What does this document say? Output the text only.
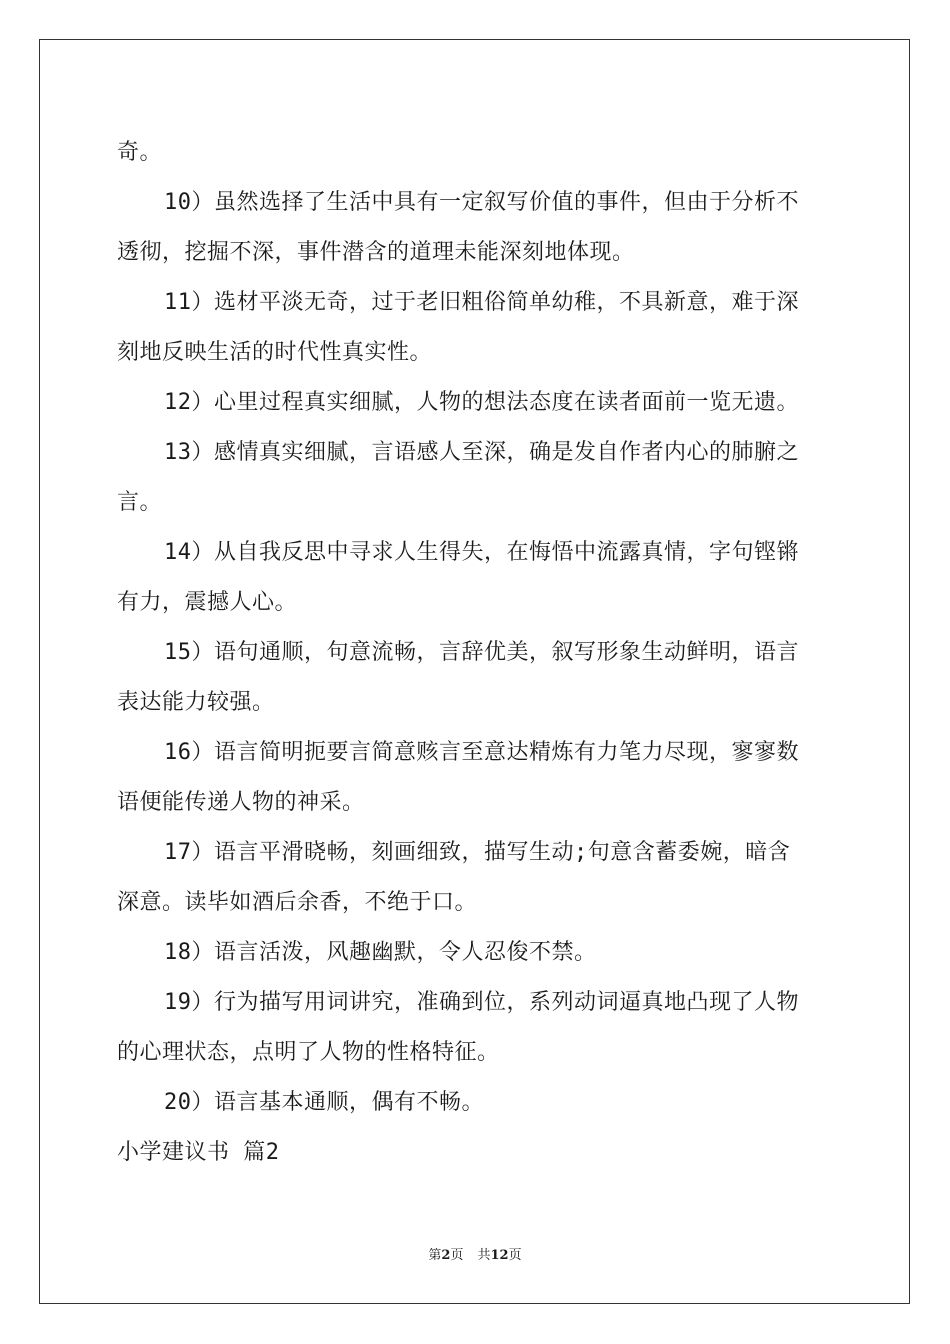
奇。
10）虽然选择了生活中具有一定叙写价值的事件，但由于分析不
透彻，挖掘不深，事件潜含的道理未能深刻地体现。
11）选材平淡无奇，过于老旧粗俗简单幼稚，不具新意，难于深
刻地反映生活的时代性真实性。
12）心里过程真实细腻，人物的想法态度在读者面前一览无遗。
13）感情真实细腻，言语感人至深，确是发自作者内心的肺腑之
言。
14）从自我反思中寻求人生得失，在悔悟中流露真情，字句铿锵
有力，震撼人心。
15）语句通顺，句意流畅，言辞优美，叙写形象生动鲜明，语言
表达能力较强。
16）语言简明扼要言简意赅言至意达精炼有力笔力尽现，寥寥数
语便能传递人物的神采。
17）语言平滑晓畅，刻画细致，描写生动;句意含蓄委婉，暗含
深意。读毕如酒后余香，不绝于口。
18）语言活泼，风趣幽默，令人忍俊不禁。
19）行为描写用词讲究，准确到位，系列动词逼真地凸现了人物
的心理状态，点明了人物的性格特征。
20）语言基本通顺，偶有不畅。
小学建议书 篇2
第2页 共12页
